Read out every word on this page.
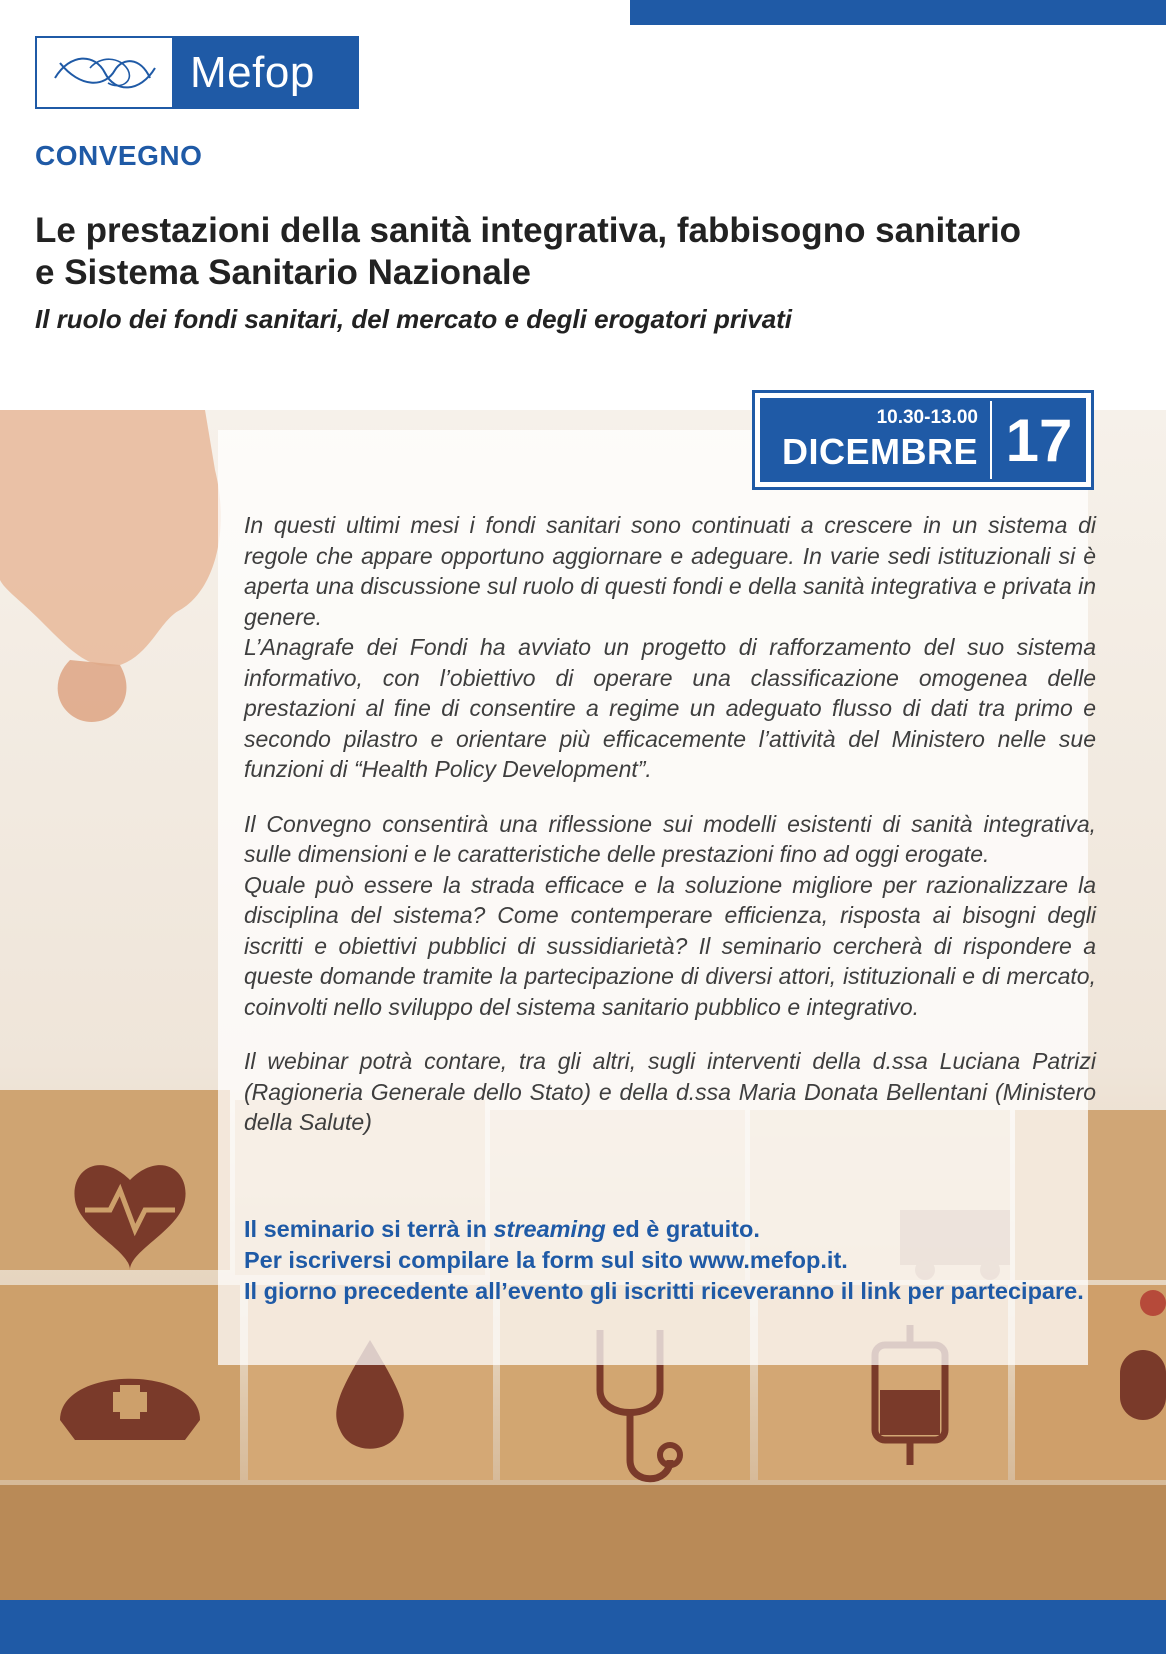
Mefop
CONVEGNO
Le prestazioni della sanità integrativa, fabbisogno sanitario
e Sistema Sanitario Nazionale
Il ruolo dei fondi sanitari, del mercato e degli erogatori privati
10.30-13.00
DICEMBRE 17

In questi ultimi mesi i fondi sanitari sono continuati a crescere in un sistema di regole che appare opportuno aggiornare e adeguare. In varie sedi istituzionali si è aperta una discussione sul ruolo di questi fondi e della sanità integrativa e privata in genere.

L’Anagrafe dei Fondi ha avviato un progetto di rafforzamento del suo sistema informativo, con l’obiettivo di operare una classificazione omogenea delle prestazioni al fine di consentire a regime un adeguato flusso di dati tra primo e secondo pilastro e orientare più efficacemente l’attività del Ministero nelle sue funzioni di “Health Policy Development”.

Il Convegno consentirà una riflessione sui modelli esistenti di sanità integrativa, sulle dimensioni e le caratteristiche delle prestazioni fino ad oggi erogate.

Quale può essere la strada efficace e la soluzione migliore per razionalizzare la disciplina del sistema? Come contemperare efficienza, risposta ai bisogni degli iscritti e obiettivi pubblici di sussidiarietà? Il seminario cercherà di rispondere a queste domande tramite la partecipazione di diversi attori, istituzionali e di mercato, coinvolti nello sviluppo del sistema sanitario pubblico e integrativo.

Il webinar potrà contare, tra gli altri, sugli interventi della d.ssa Luciana Patrizi (Ragioneria Generale dello Stato) e della d.ssa Maria Donata Bellentani (Ministero della Salute)

Il seminario si terrà in streaming ed è gratuito.

Per iscriversi compilare la form sul sito www.mefop.it.

Il giorno precedente all’evento gli iscritti riceveranno il link per partecipare.
